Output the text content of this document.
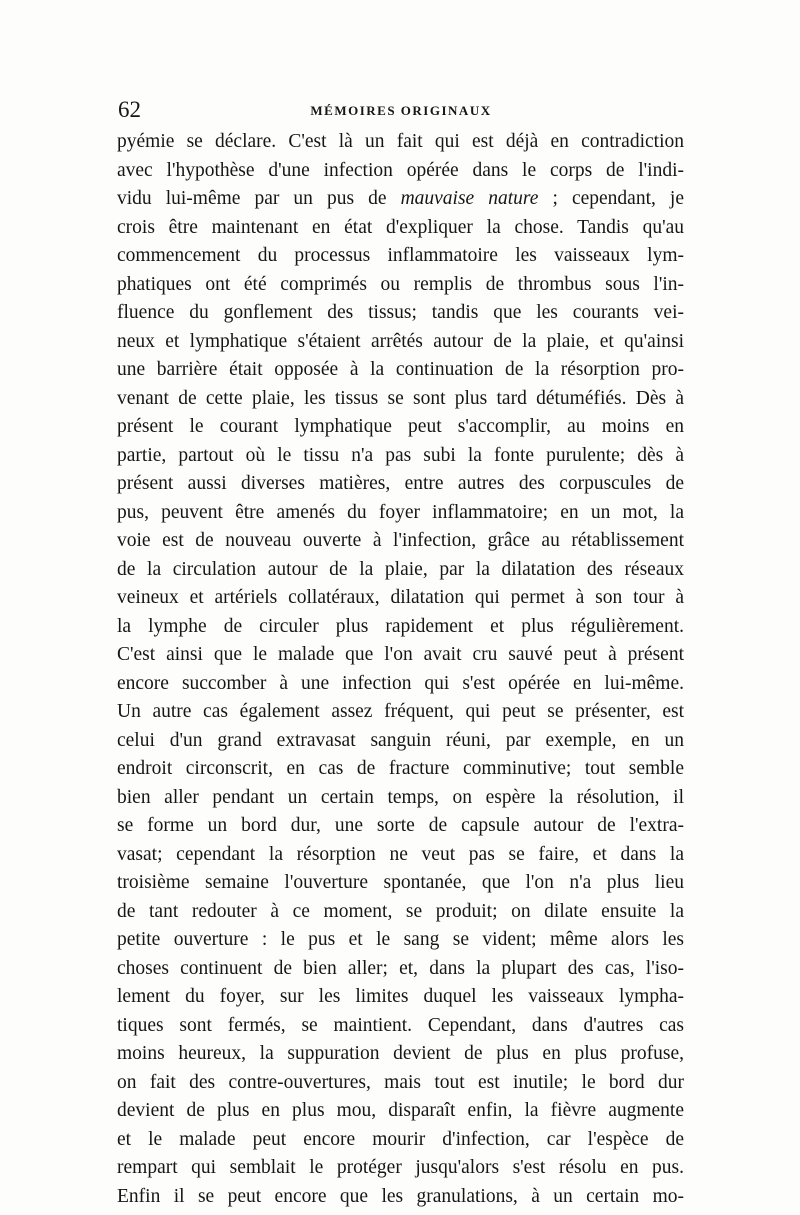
62	MÉMOIRES ORIGINAUX
pyémie se déclare. C'est là un fait qui est déjà en contradiction
avec l'hypothèse d'une infection opérée dans le corps de l'indi-
vidu lui-même par un pus de mauvaise nature ; cependant, je
crois être maintenant en état d'expliquer la chose. Tandis qu'au
commencement du processus inflammatoire les vaisseaux lym-
phatiques ont été comprimés ou remplis de thrombus sous l'in-
fluence du gonflement des tissus; tandis que les courants vei-
neux et lymphatique s'étaient arrêtés autour de la plaie, et qu'ainsi
une barrière était opposée à la continuation de la résorption pro-
venant de cette plaie, les tissus se sont plus tard détuméfiés. Dès à
présent le courant lymphatique peut s'accomplir, au moins en
partie, partout où le tissu n'a pas subi la fonte purulente; dès à
présent aussi diverses matières, entre autres des corpuscules de
pus, peuvent être amenés du foyer inflammatoire; en un mot, la
voie est de nouveau ouverte à l'infection, grâce au rétablissement
de la circulation autour de la plaie, par la dilatation des réseaux
veineux et artériels collatéraux, dilatation qui permet à son tour à
la lymphe de circuler plus rapidement et plus régulièrement.
C'est ainsi que le malade que l'on avait cru sauvé peut à présent
encore succomber à une infection qui s'est opérée en lui-même.
Un autre cas également assez fréquent, qui peut se présenter, est
celui d'un grand extravasat sanguin réuni, par exemple, en un
endroit circonscrit, en cas de fracture comminutive; tout semble
bien aller pendant un certain temps, on espère la résolution, il
se forme un bord dur, une sorte de capsule autour de l'extra-
vasat; cependant la résorption ne veut pas se faire, et dans la
troisième semaine l'ouverture spontanée, que l'on n'a plus lieu
de tant redouter à ce moment, se produit; on dilate ensuite la
petite ouverture : le pus et le sang se vident; même alors les
choses continuent de bien aller; et, dans la plupart des cas, l'iso-
lement du foyer, sur les limites duquel les vaisseaux lympha-
tiques sont fermés, se maintient. Cependant, dans d'autres cas
moins heureux, la suppuration devient de plus en plus profuse,
on fait des contre-ouvertures, mais tout est inutile; le bord dur
devient de plus en plus mou, disparaît enfin, la fièvre augmente
et le malade peut encore mourir d'infection, car l'espèce de
rempart qui semblait le protéger jusqu'alors s'est résolu en pus.
Enfin il se peut encore que les granulations, à un certain mo-
